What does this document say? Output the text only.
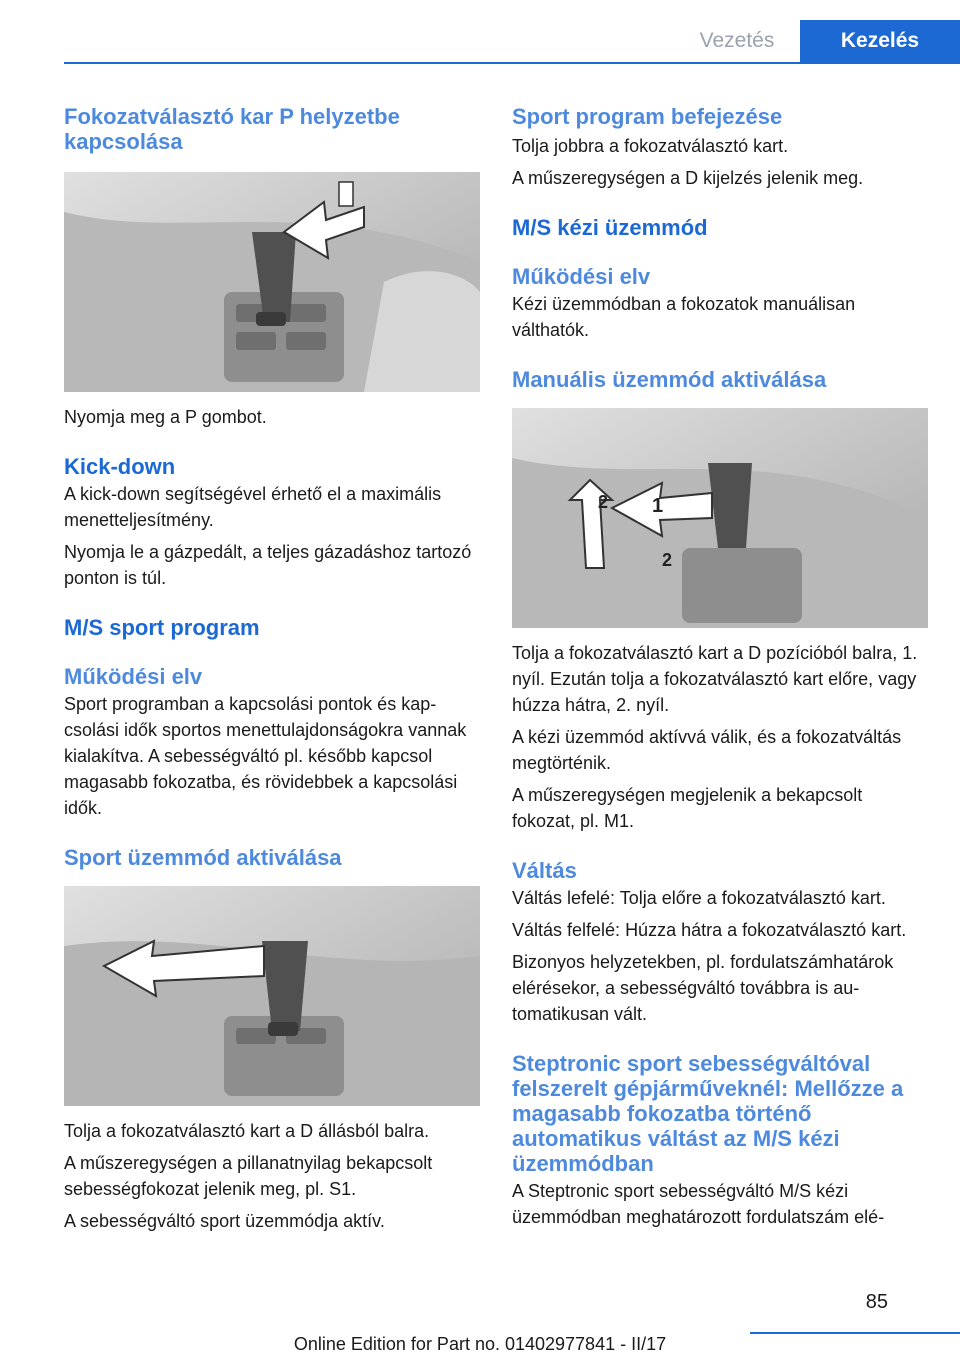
Vezetés	Kezelés
Fokozatválasztó kar P helyzetbe kapcsolása

Nyomja meg a P gombot.

Kick-down

A kick-down segítségével érhető el a maximális menetteljesítmény.

Nyomja le a gázpedált, a teljes gázadáshoz tartozó ponton is túl.

M/S sport program
Működési elv

Sport programban a kapcsolási pontok és kapcsolási idők sportos menettulajdonságokra vannak kialakítva. A sebességváltó pl. később kapcsol magasabb fokozatba, és rövidebbek a kapcsolási idők.

Sport üzemmód aktiválása

Tolja a fokozatválasztó kart a D állásból balra.

A műszeregységen a pillanatnyilag bekapcsolt sebességfokozat jelenik meg, pl. S1.

A sebességváltó sport üzemmódja aktív.

Sport program befejezése

Tolja jobbra a fokozatválasztó kart.

A műszeregységen a D kijelzés jelenik meg.

M/S kézi üzemmód
Működési elv

Kézi üzemmódban a fokozatok manuálisan válthatók.

Manuális üzemmód aktiválása
1
2
2

Tolja a fokozatválasztó kart a D pozícióból balra, 1. nyíl. Ezután tolja a fokozatválasztó kart előre, vagy húzza hátra, 2. nyíl.

A kézi üzemmód aktívvá válik, és a fokozatváltás megtörténik.

A műszeregységen megjelenik a bekapcsolt fokozat, pl. M1.

Váltás

Váltás lefelé: Tolja előre a fokozatválasztó kart.

Váltás felfelé: Húzza hátra a fokozatválasztó kart.

Bizonyos helyzetekben, pl. fordulatszámhatárok elérésekor, a sebességváltó továbbra is automatikusan vált.

Steptronic sport sebességváltóval felszerelt gépjárműveknél: Mellőzze a magasabb fokozatba történő automatikus váltást az M/S kézi üzemmódban

A Steptronic sport sebességváltó M/S kézi üzemmódban meghatározott fordulatszám elé-

85
Online Edition for Part no. 01402977841 - II/17
